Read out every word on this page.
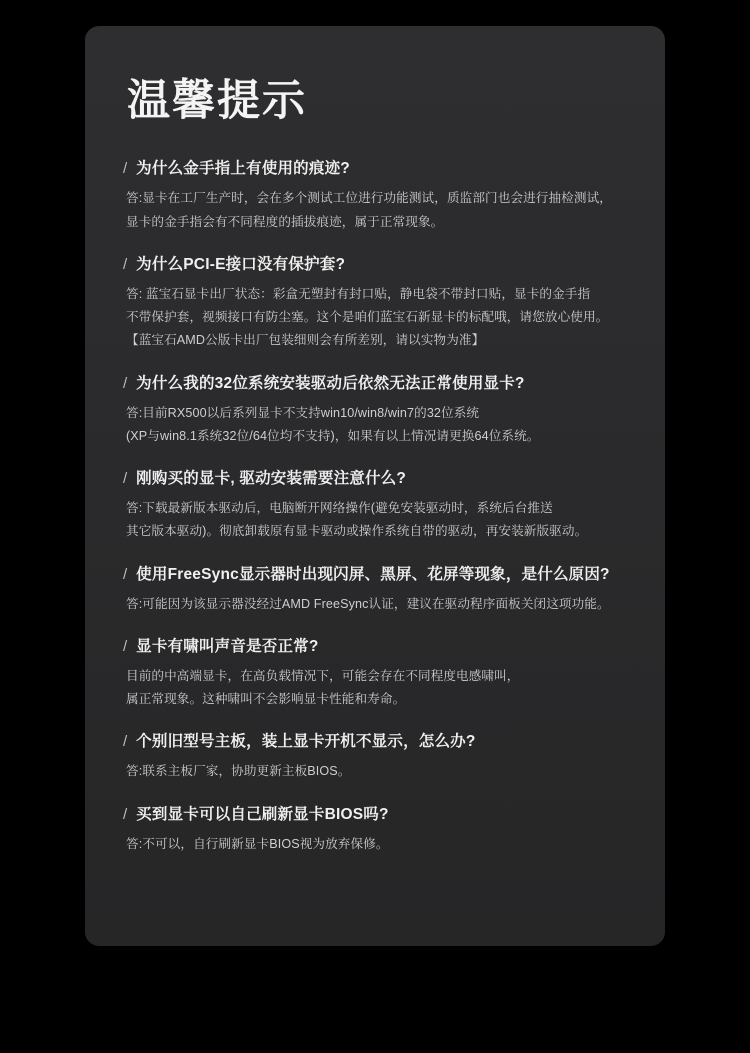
温馨提示
/ 为什么金手指上有使用的痕迹?
答:显卡在工厂生产时，会在多个测试工位进行功能测试，质监部门也会进行抽检测试，
显卡的金手指会有不同程度的插拔痕迹，属于正常现象。
/ 为什么PCI-E接口没有保护套?
答: 蓝宝石显卡出厂状态：彩盒无塑封有封口贴，静电袋不带封口贴，显卡的金手指
不带保护套，视频接口有防尘塞。这个是咱们蓝宝石新显卡的标配哦，请您放心使用。
【蓝宝石AMD公版卡出厂包装细则会有所差别，请以实物为准】
/ 为什么我的32位系统安装驱动后依然无法正常使用显卡?
答:目前RX500以后系列显卡不支持win10/win8/win7的32位系统
(XP与win8.1系统32位/64位均不支持)，如果有以上情况请更换64位系统。
/ 刚购买的显卡, 驱动安装需要注意什么?
答:下载最新版本驱动后，电脑断开网络操作(避免安装驱动时，系统后台推送
其它版本驱动)。彻底卸载原有显卡驱动或操作系统自带的驱动，再安装新版驱动。
/ 使用FreeSync显示器时出现闪屏、黑屏、花屏等现象，是什么原因?
答:可能因为该显示器没经过AMD FreeSync认证，建议在驱动程序面板关闭这项功能。
/ 显卡有啸叫声音是否正常?
目前的中高端显卡，在高负载情况下，可能会存在不同程度电感啸叫，
属正常现象。这种啸叫不会影响显卡性能和寿命。
/ 个别旧型号主板，装上显卡开机不显示，怎么办?
答:联系主板厂家，协助更新主板BIOS。
/ 买到显卡可以自己刷新显卡BIOS吗?
答:不可以，自行刷新显卡BIOS视为放弃保修。
